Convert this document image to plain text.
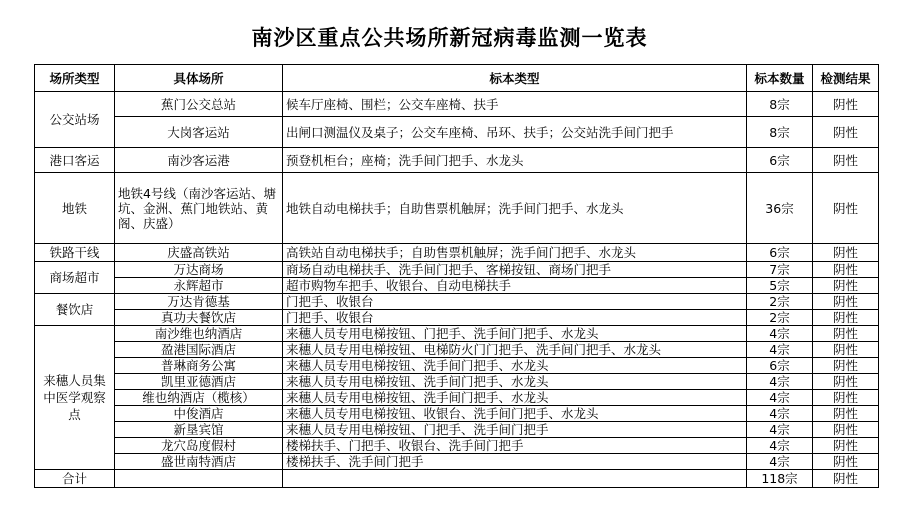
南沙区重点公共场所新冠病毒监测一览表
场所类型	具体场所	标本类型	标本数量	检测结果
公交站场	蕉门公交总站	候车厅座椅、围栏；公交车座椅、扶手	8宗	阴性
	大岗客运站	出闸口测温仪及桌子；公交车座椅、吊环、扶手；公交站洗手间门把手	8宗	阴性
港口客运	南沙客运港	预登机柜台；座椅；洗手间门把手、水龙头	6宗	阴性
地铁	地铁4号线（南沙客运站、塘坑、金洲、蕉门地铁站、黄阁、庆盛）	地铁自动电梯扶手；自助售票机触屏；洗手间门把手、水龙头	36宗	阴性
铁路干线	庆盛高铁站	高铁站自动电梯扶手；自助售票机触屏；洗手间门把手、水龙头	6宗	阴性
商场超市	万达商场	商场自动电梯扶手、洗手间门把手、客梯按钮、商场门把手	7宗	阴性
	永辉超市	超市购物车把手、收银台、自动电梯扶手	5宗	阴性
餐饮店	万达肯德基	门把手、收银台	2宗	阴性
	真功夫餐饮店	门把手、收银台	2宗	阴性
来穗人员集中医学观察点	南沙维也纳酒店	来穗人员专用电梯按钮、门把手、洗手间门把手、水龙头	4宗	阴性
	盈港国际酒店	来穗人员专用电梯按钮、电梯防火门门把手、洗手间门把手、水龙头	4宗	阴性
	普琳商务公寓	来穗人员专用电梯按钮、洗手间门把手、水龙头	6宗	阴性
	凯里亚德酒店	来穗人员专用电梯按钮、洗手间门把手、水龙头	4宗	阴性
	维也纳酒店（榄核）	来穗人员专用电梯按钮、洗手间门把手、水龙头	4宗	阴性
	中俊酒店	来穗人员专用电梯按钮、收银台、洗手间门把手、水龙头	4宗	阴性
	新垦宾馆	来穗人员专用电梯按钮、门把手、洗手间门把手	4宗	阴性
	龙穴岛度假村	楼梯扶手、门把手、收银台、洗手间门把手	4宗	阴性
	盛世南特酒店	楼梯扶手、洗手间门把手	4宗	阴性
合计			118宗	阴性
